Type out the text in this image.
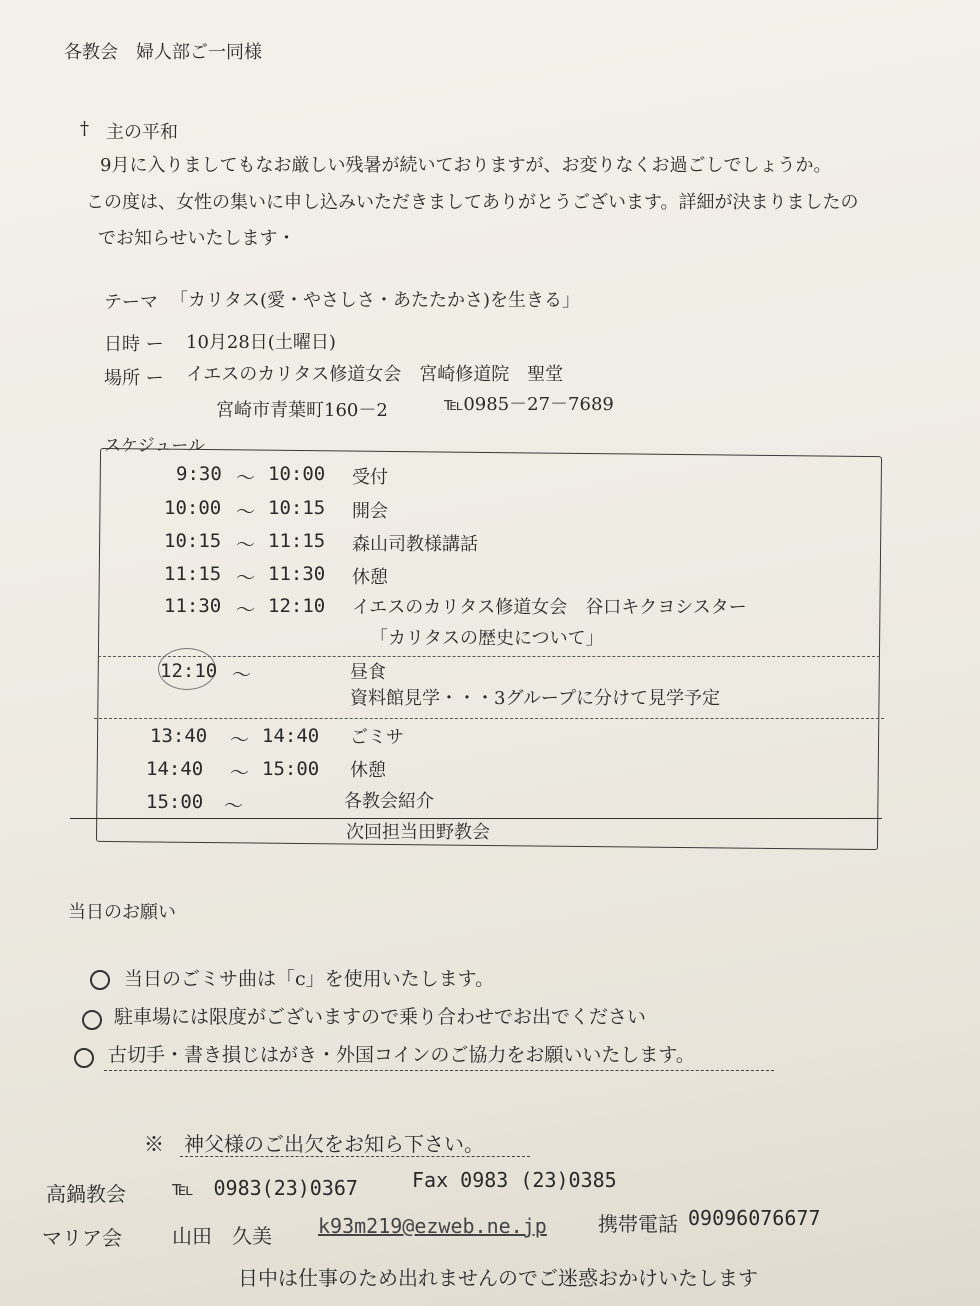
各教会　婦人部ご一同様
† 主の平和
9月に入りましてもなお厳しい残暑が続いておりますが、お変りなくお過ごしでしょうか。
この度は、女性の集いに申し込みいただきましてありがとうございます。詳細が決まりましたの
でお知らせいたします・
テーマ 「カリタス(愛・やさしさ・あたたかさ)を生きる」
日時 ー 10月28日(土曜日)
場所 ー イエスのカリタス修道女会　宮崎修道院　聖堂
宮崎市青葉町160－2	℡0985－27－7689
スケジュール
9:30 ～ 10:00 受付
10:00 ～ 10:15 開会
10:15 ～ 11:15 森山司教様講話
11:15 ～ 11:30 休憩
11:30 ～ 12:10 イエスのカリタス修道女会　谷口キクヨシスター
「カリタスの歴史について」
12:10 ～	昼食
資料館見学・・・3グループに分けて見学予定
13:40 ～ 14:40 ごミサ
14:40 ～ 15:00 休憩
15:00 ～	各教会紹介
次回担当田野教会
当日のお願い
当日のごミサ曲は「c」を使用いたします。
駐車場には限度がございますので乗り合わせでお出でください
古切手・書き損じはがき・外国コインのご協力をお願いいたします。
※　神父様のご出欠をお知ら下さい。
高鍋教会 ℡　0983(23)0367	Fax 0983 (23)0385
マリア会	山田　久美 k93m219@ezweb.ne.jp	携帯電話 09096076677
日中は仕事のため出れませんのでご迷惑おかけいたします
